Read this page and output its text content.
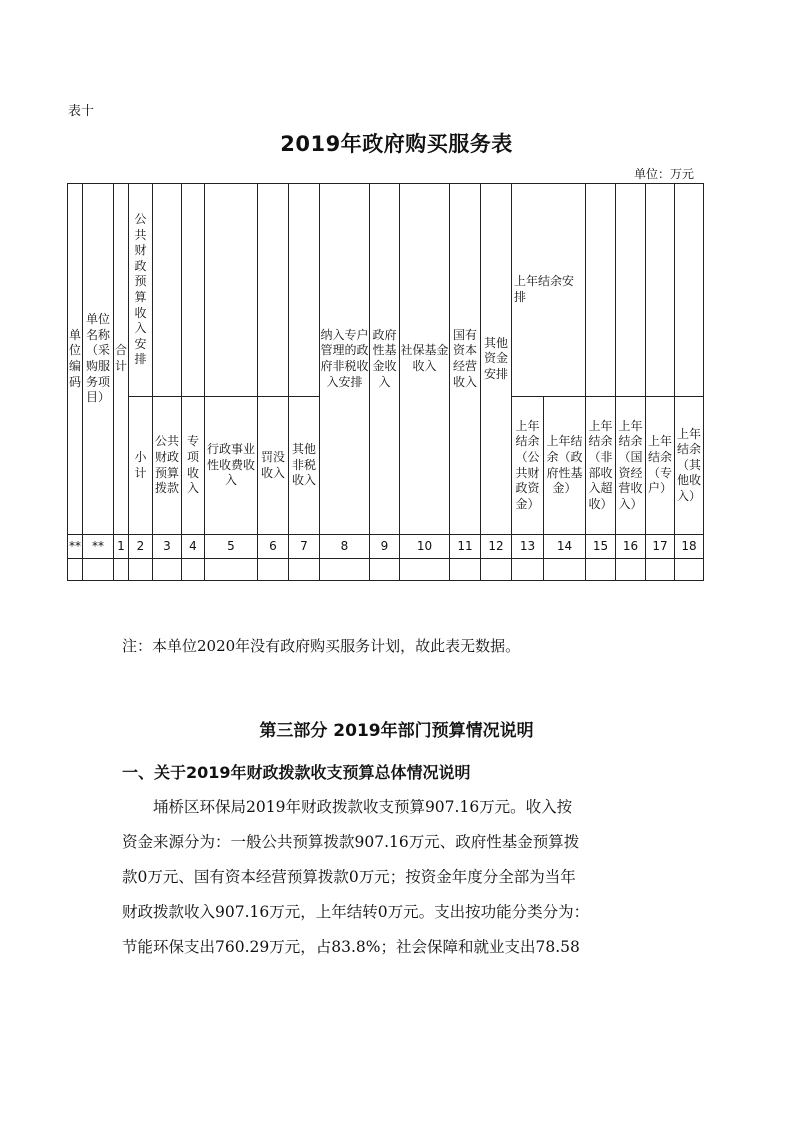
表十
2019年政府购买服务表
单位：万元
单位编码	单位名称（采购服务项目）	合计	公共财政预算收入安排						纳入专户管理的政府非税收入安排	政府性基金收入	社保基金收入	国有资本经营收入	其他资金安排	上年结余安排					
			小计	公共财政预算拨款	专项收入	行政事业性收费收入	罚没收入	其他非税收入						上年结余（公共财政资金）	上年结余（政府性基金）	上年结余（非部收入超收）	上年结余（国资经营收入）	上年结余（专户）	上年结余（其他收入）
**	**	1	2	3	4	5	6	7	8	9	10	11	12	13	14	15	16	17	18

注：本单位2020年没有政府购买服务计划，故此表无数据。
第三部分 2019年部门预算情况说明
一、关于2019年财政拨款收支预算总体情况说明

埇桥区环保局2019年财政拨款收支预算907.16万元。收入按

资金来源分为：一般公共预算拨款907.16万元、政府性基金预算拨

款0万元、国有资本经营预算拨款0万元；按资金年度分全部为当年

财政拨款收入907.16万元，上年结转0万元。支出按功能分类分为：

节能环保支出760.29万元，占83.8%；社会保障和就业支出78.58
